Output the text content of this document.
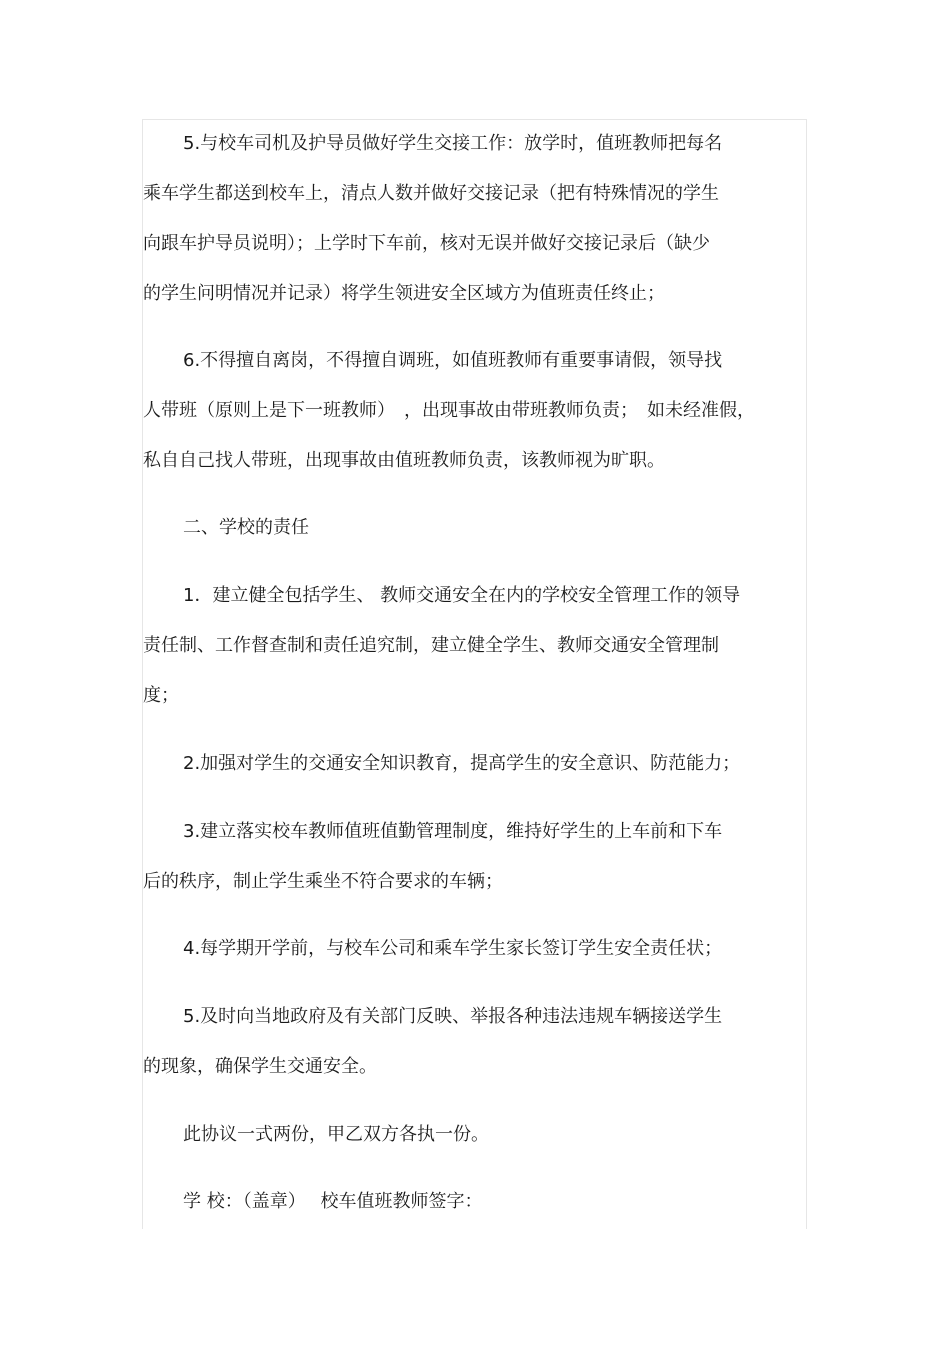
5.与校车司机及护导员做好学生交接工作：放学时，值班教师把每名
乘车学生都送到校车上，清点人数并做好交接记录（把有特殊情况的学生
向跟车护导员说明）；上学时下车前，核对无误并做好交接记录后（缺少
的学生问明情况并记录）将学生领进安全区域方为值班责任终止；
6.不得擅自离岗，不得擅自调班，如值班教师有重要事请假，领导找
人带班（原则上是下一班教师）　，出现事故由带班教师负责；　如未经准假，
私自自己找人带班，出现事故由值班教师负责，该教师视为旷职。
二、学校的责任
1．建立健全包括学生、 教师交通安全在内的学校安全管理工作的领导
责任制、工作督查制和责任追究制，建立健全学生、教师交通安全管理制
度；
2.加强对学生的交通安全知识教育，提高学生的安全意识、防范能力；
3.建立落实校车教师值班值勤管理制度，维持好学生的上车前和下车
后的秩序，制止学生乘坐不符合要求的车辆；
4.每学期开学前，与校车公司和乘车学生家长签订学生安全责任状；
5.及时向当地政府及有关部门反映、举报各种违法违规车辆接送学生
的现象，确保学生交通安全。
此协议一式两份，甲乙双方各执一份。
学 校：（盖章）　 校车值班教师签字：
